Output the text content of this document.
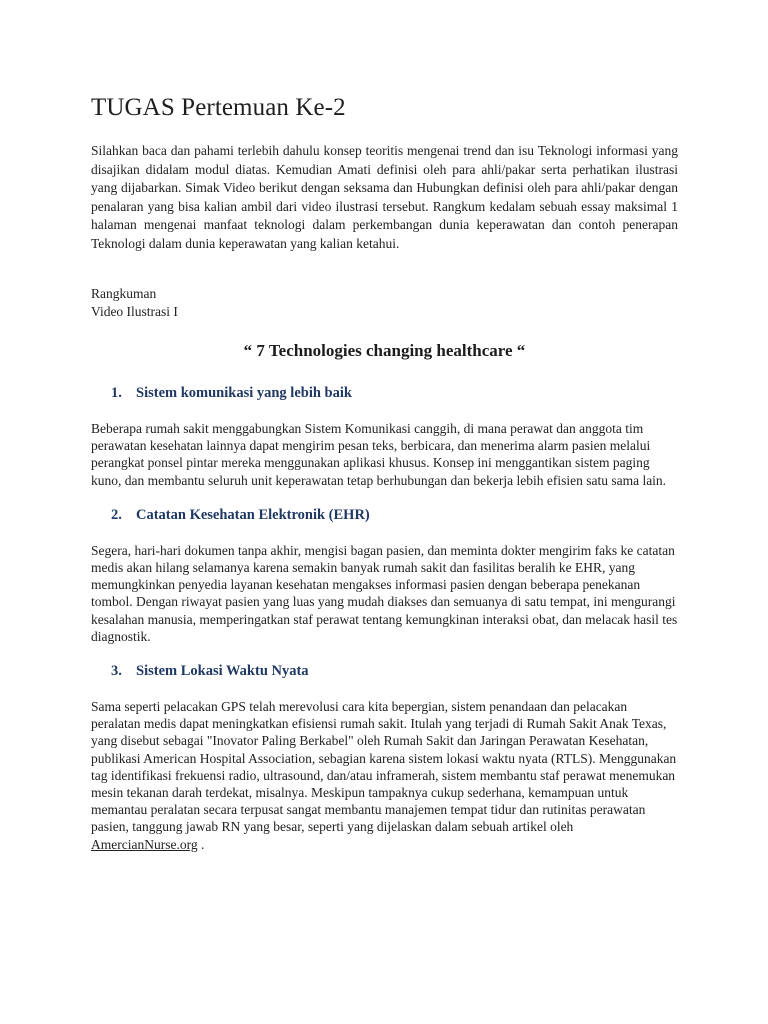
TUGAS Pertemuan Ke-2

Silahkan baca dan pahami terlebih dahulu konsep teoritis mengenai trend dan isu Teknologi informasi yang disajikan didalam modul diatas. Kemudian Amati definisi oleh para ahli/pakar serta perhatikan ilustrasi yang dijabarkan. Simak Video berikut dengan seksama dan Hubungkan definisi oleh para ahli/pakar dengan penalaran yang bisa kalian ambil dari video ilustrasi tersebut. Rangkum kedalam sebuah essay maksimal 1 halaman mengenai manfaat teknologi dalam perkembangan dunia keperawatan dan contoh penerapan Teknologi dalam dunia keperawatan yang kalian ketahui.

Rangkuman

Video Ilustrasi I

“ 7 Technologies changing healthcare “
1. Sistem komunikasi yang lebih baik

Beberapa rumah sakit menggabungkan Sistem Komunikasi canggih, di mana perawat dan anggota tim perawatan kesehatan lainnya dapat mengirim pesan teks, berbicara, dan menerima alarm pasien melalui perangkat ponsel pintar mereka menggunakan aplikasi khusus. Konsep ini menggantikan sistem paging kuno, dan membantu seluruh unit keperawatan tetap berhubungan dan bekerja lebih efisien satu sama lain.

2. Catatan Kesehatan Elektronik (EHR)

Segera, hari-hari dokumen tanpa akhir, mengisi bagan pasien, dan meminta dokter mengirim faks ke catatan medis akan hilang selamanya karena semakin banyak rumah sakit dan fasilitas beralih ke EHR, yang memungkinkan penyedia layanan kesehatan mengakses informasi pasien dengan beberapa penekanan tombol. Dengan riwayat pasien yang luas yang mudah diakses dan semuanya di satu tempat, ini mengurangi kesalahan manusia, memperingatkan staf perawat tentang kemungkinan interaksi obat, dan melacak hasil tes diagnostik.

3. Sistem Lokasi Waktu Nyata

Sama seperti pelacakan GPS telah merevolusi cara kita bepergian, sistem penandaan dan pelacakan peralatan medis dapat meningkatkan efisiensi rumah sakit. Itulah yang terjadi di Rumah Sakit Anak Texas, yang disebut sebagai "Inovator Paling Berkabel" oleh Rumah Sakit dan Jaringan Perawatan Kesehatan, publikasi American Hospital Association, sebagian karena sistem lokasi waktu nyata (RTLS). Menggunakan tag identifikasi frekuensi radio, ultrasound, dan/atau inframerah, sistem membantu staf perawat menemukan mesin tekanan darah terdekat, misalnya. Meskipun tampaknya cukup sederhana, kemampuan untuk memantau peralatan secara terpusat sangat membantu manajemen tempat tidur dan rutinitas perawatan pasien, tanggung jawab RN yang besar, seperti yang dijelaskan dalam sebuah artikel oleh AmercianNurse.org .
